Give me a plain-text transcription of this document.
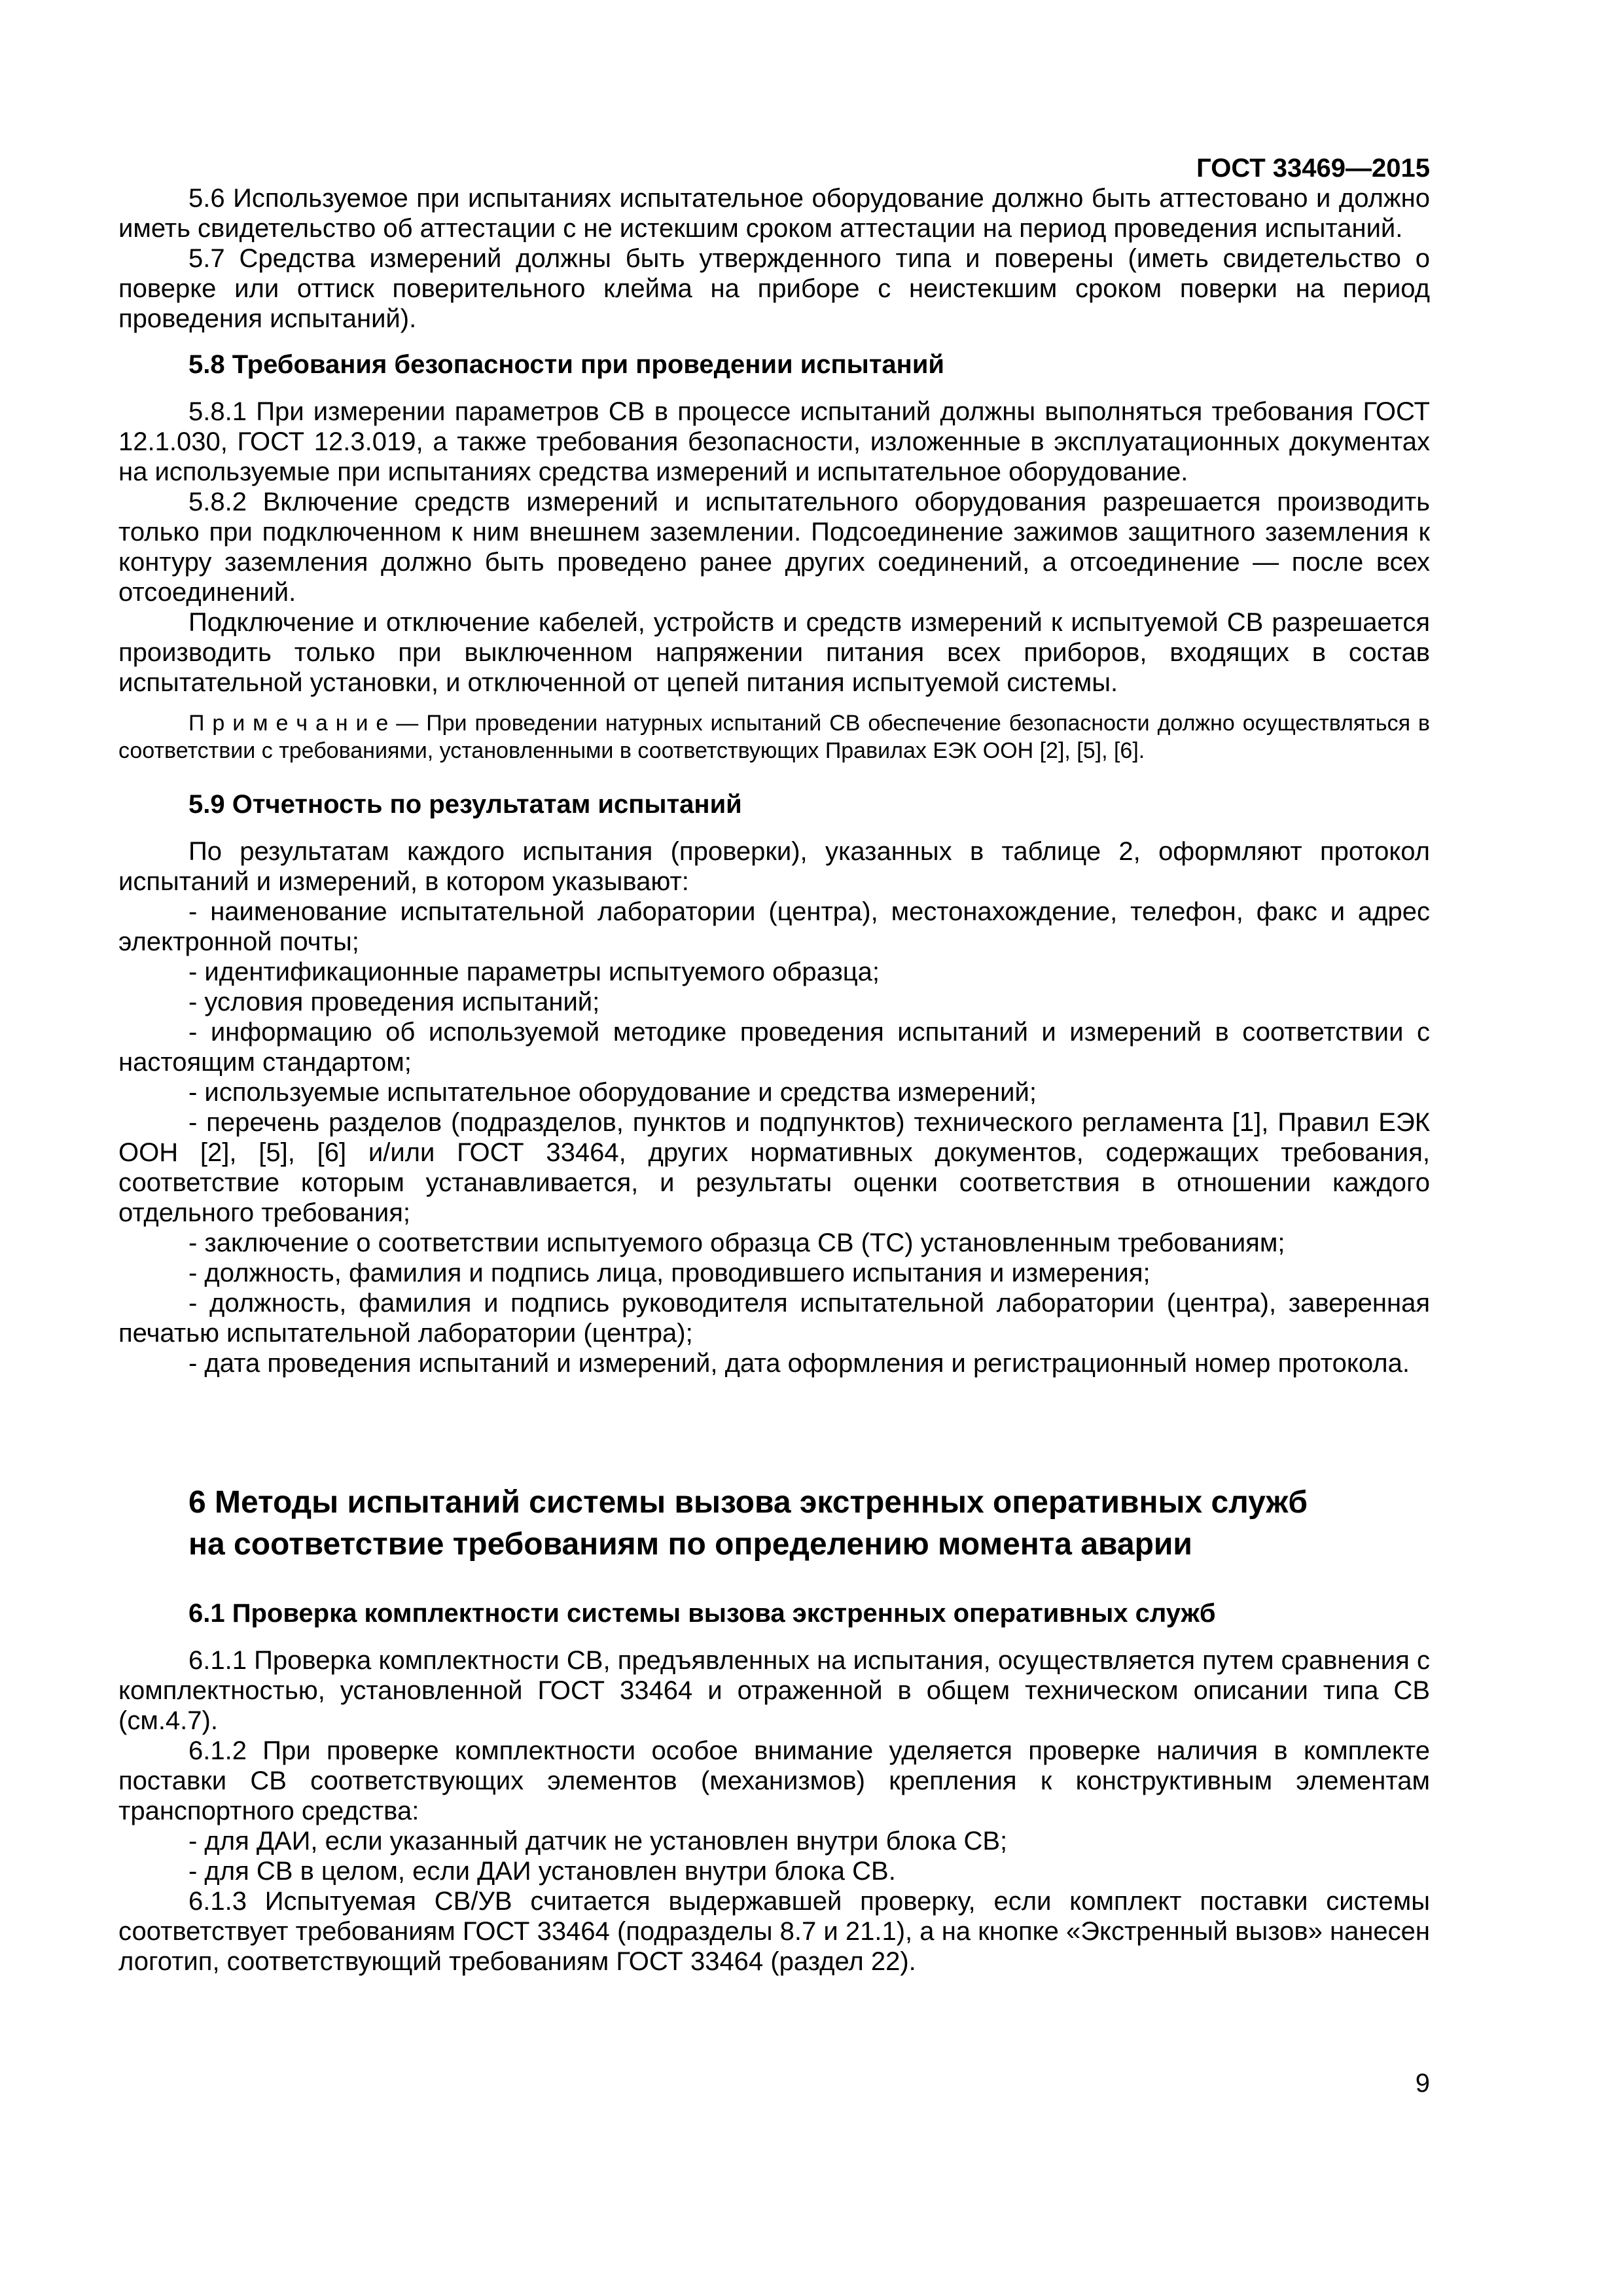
ГОСТ 33469—2015

5.6 Используемое при испытаниях испытательное оборудование должно быть аттестовано и должно иметь свидетельство об аттестации с не истекшим сроком аттестации на период проведения испытаний.

5.7 Средства измерений должны быть утвержденного типа и поверены (иметь свидетельство о поверке или оттиск поверительного клейма на приборе с неистекшим сроком поверки на период проведения испытаний).

5.8 Требования безопасности при проведении испытаний

5.8.1 При измерении параметров СВ в процессе испытаний должны выполняться требования ГОСТ 12.1.030, ГОСТ 12.3.019, а также требования безопасности, изложенные в эксплуатационных документах на используемые при испытаниях средства измерений и испытательное оборудование.

5.8.2 Включение средств измерений и испытательного оборудования разрешается производить только при подключенном к ним внешнем заземлении. Подсоединение зажимов защитного заземления к контуру заземления должно быть проведено ранее других соединений, а отсоединение — после всех отсоединений.

Подключение и отключение кабелей, устройств и средств измерений к испытуемой СВ разрешается производить только при выключенном напряжении питания всех приборов, входящих в состав испытательной установки, и отключенной от цепей питания испытуемой системы.

П р и м е ч а н и е — При проведении натурных испытаний СВ обеспечение безопасности должно осуществляться в соответствии с требованиями, установленными в соответствующих Правилах ЕЭК ООН [2], [5], [6].

5.9 Отчетность по результатам испытаний

По результатам каждого испытания (проверки), указанных в таблице 2, оформляют протокол испытаний и измерений, в котором указывают:

- наименование испытательной лаборатории (центра), местонахождение, телефон, факс и адрес электронной почты;

- идентификационные параметры испытуемого образца;

- условия проведения испытаний;

- информацию об используемой методике проведения испытаний и измерений в соответствии с настоящим стандартом;

- используемые испытательное оборудование и средства измерений;

- перечень разделов (подразделов, пунктов и подпунктов) технического регламента [1], Правил ЕЭК ООН [2], [5], [6] и/или ГОСТ 33464, других нормативных документов, содержащих требования, соответствие которым устанавливается, и результаты оценки соответствия в отношении каждого отдельного требования;

- заключение о соответствии испытуемого образца СВ (ТС) установленным требованиям;

- должность, фамилия и подпись лица, проводившего испытания и измерения;

- должность, фамилия и подпись руководителя испытательной лаборатории (центра), заверенная печатью испытательной лаборатории (центра);

- дата проведения испытаний и измерений, дата оформления и регистрационный номер протокола.

6 Методы испытаний системы вызова экстренных оперативных служб
на соответствие требованиям по определению момента аварии
6.1 Проверка комплектности системы вызова экстренных оперативных служб

6.1.1 Проверка комплектности СВ, предъявленных на испытания, осуществляется путем сравнения с комплектностью, установленной ГОСТ 33464 и отраженной в общем техническом описании типа СВ (см.4.7).

6.1.2 При проверке комплектности особое внимание уделяется проверке наличия в комплекте поставки СВ соответствующих элементов (механизмов) крепления к конструктивным элементам транспортного средства:

- для ДАИ, если указанный датчик не установлен внутри блока СВ;

- для СВ в целом, если ДАИ установлен внутри блока СВ.

6.1.3 Испытуемая СВ/УВ считается выдержавшей проверку, если комплект поставки системы соответствует требованиям ГОСТ 33464 (подразделы 8.7 и 21.1), а на кнопке «Экстренный вызов» нанесен логотип, соответствующий требованиям ГОСТ 33464 (раздел 22).

9
